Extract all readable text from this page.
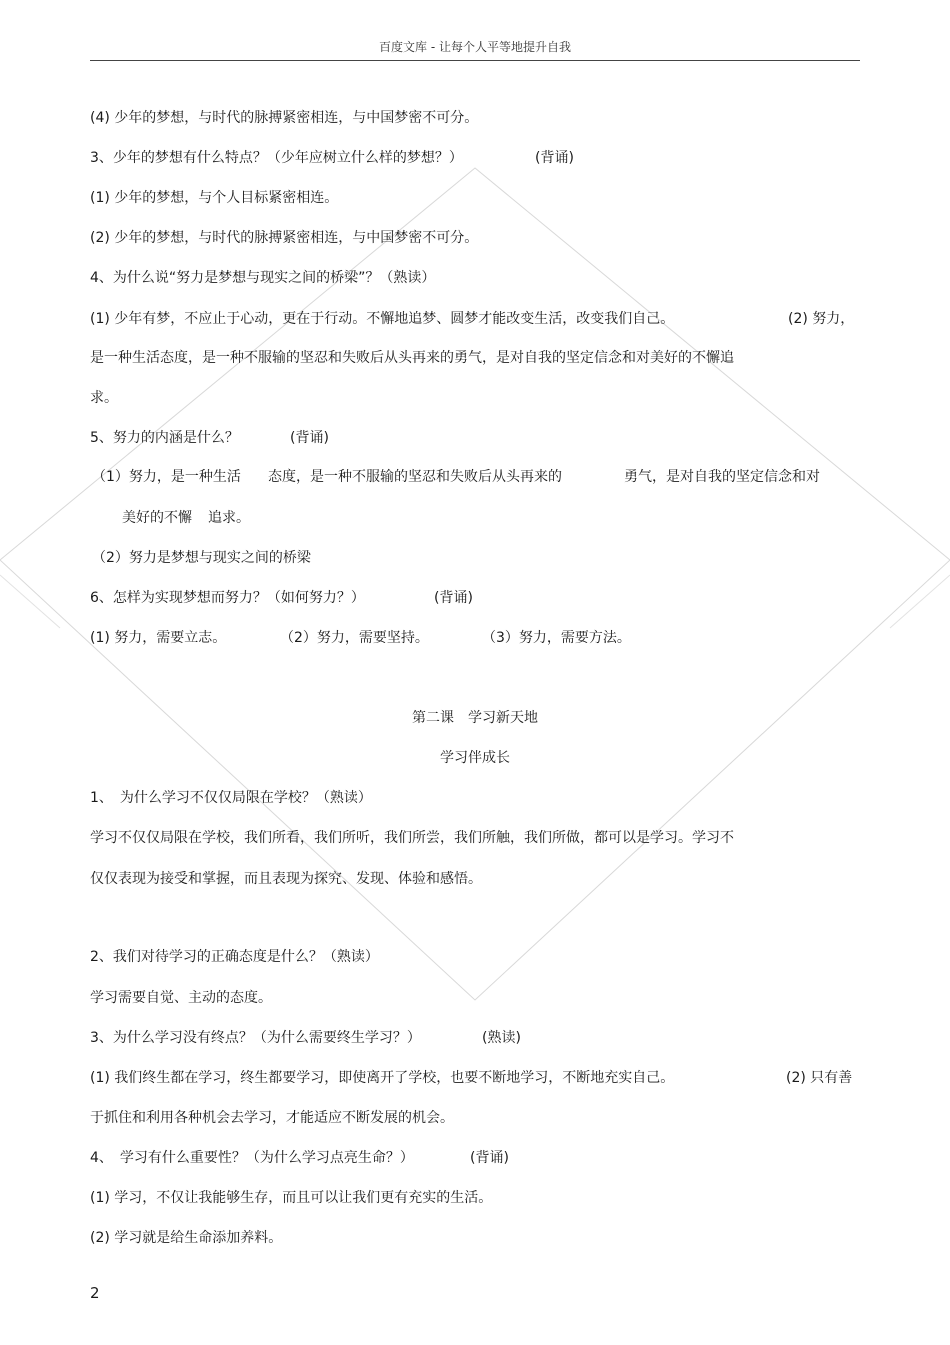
百度文库 - 让每个人平等地提升自我
(4) 少年的梦想，与时代的脉搏紧密相连，与中国梦密不可分。
3、少年的梦想有什么特点？（少年应树立什么样的梦想？）	(背诵)
(1) 少年的梦想，与个人目标紧密相连。
(2) 少年的梦想，与时代的脉搏紧密相连，与中国梦密不可分。
4、为什么说“努力是梦想与现实之间的桥梁”？（熟读）
(1) 少年有梦，不应止于心动，更在于行动。不懈地追梦、圆梦才能改变生活，改变我们自己。	(2) 努力，
是一种生活态度，是一种不服输的坚忍和失败后从头再来的勇气，是对自我的坚定信念和对美好的不懈追
求。
5、努力的内涵是什么？	(背诵)
（1）努力，是一种生活 态度，是一种不服输的坚忍和失败后从头再来的	勇气，是对自我的坚定信念和对
美好的不懈 追求。
（2）努力是梦想与现实之间的桥梁
6、怎样为实现梦想而努力？（如何努力？）	(背诵)
(1) 努力，需要立志。	（2）努力，需要坚持。	（3）努力，需要方法。
第二课　学习新天地
学习伴成长
1、　为什么学习不仅仅局限在学校？（熟读）
学习不仅仅局限在学校，我们所看，我们所听，我们所尝，我们所触，我们所做，都可以是学习。学习不
仅仅表现为接受和掌握，而且表现为探究、发现、体验和感悟。
2、我们对待学习的正确态度是什么？（熟读）
学习需要自觉、主动的态度。
3、为什么学习没有终点？（为什么需要终生学习？）	(熟读)
(1) 我们终生都在学习，终生都要学习，即使离开了学校，也要不断地学习，不断地充实自己。	(2) 只有善
于抓住和利用各种机会去学习，才能适应不断发展的机会。
4、　学习有什么重要性？（为什么学习点亮生命？）	(背诵)
(1) 学习，不仅让我能够生存，而且可以让我们更有充实的生活。
(2) 学习就是给生命添加养料。
2
